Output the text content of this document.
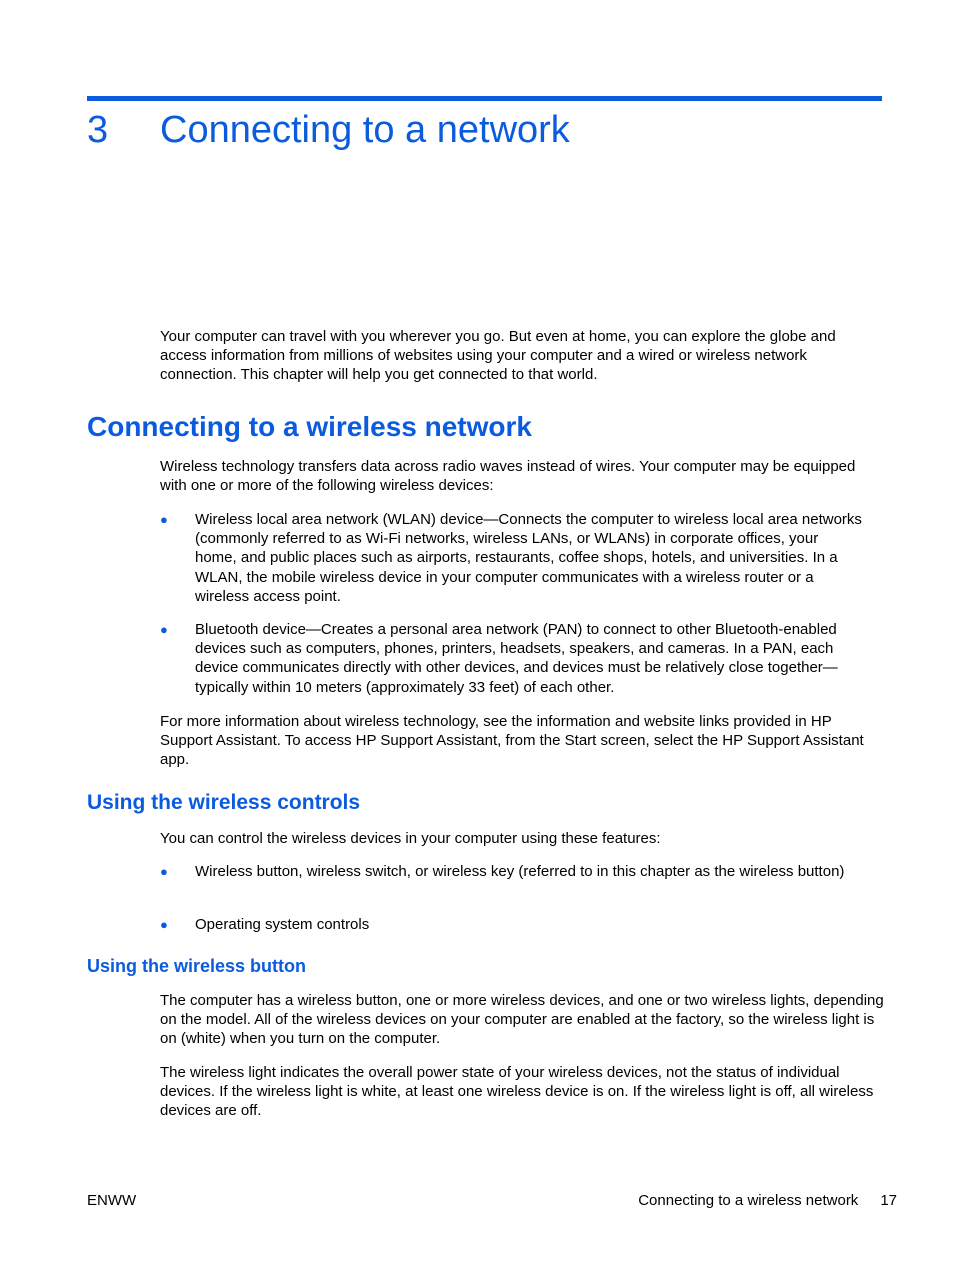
3 Connecting to a network

Your computer can travel with you wherever you go. But even at home, you can explore the globe and access information from millions of websites using your computer and a wired or wireless network connection. This chapter will help you get connected to that world.

Connecting to a wireless network

Wireless technology transfers data across radio waves instead of wires. Your computer may be equipped with one or more of the following wireless devices:

●	Wireless local area network (WLAN) device—Connects the computer to wireless local area networks (commonly referred to as Wi-Fi networks, wireless LANs, or WLANs) in corporate offices, your home, and public places such as airports, restaurants, coffee shops, hotels, and universities. In a WLAN, the mobile wireless device in your computer communicates with a wireless router or a wireless access point.

●	Bluetooth device—Creates a personal area network (PAN) to connect to other Bluetooth-enabled devices such as computers, phones, printers, headsets, speakers, and cameras. In a PAN, each device communicates directly with other devices, and devices must be relatively close together—typically within 10 meters (approximately 33 feet) of each other.

For more information about wireless technology, see the information and website links provided in HP Support Assistant. To access HP Support Assistant, from the Start screen, select the HP Support Assistant app.

Using the wireless controls

You can control the wireless devices in your computer using these features:

●	Wireless button, wireless switch, or wireless key (referred to in this chapter as the wireless button)

●	Operating system controls

Using the wireless button

The computer has a wireless button, one or more wireless devices, and one or two wireless lights, depending on the model. All of the wireless devices on your computer are enabled at the factory, so the wireless light is on (white) when you turn on the computer.

The wireless light indicates the overall power state of your wireless devices, not the status of individual devices. If the wireless light is white, at least one wireless device is on. If the wireless light is off, all wireless devices are off.

ENWW	Connecting to a wireless network 17
